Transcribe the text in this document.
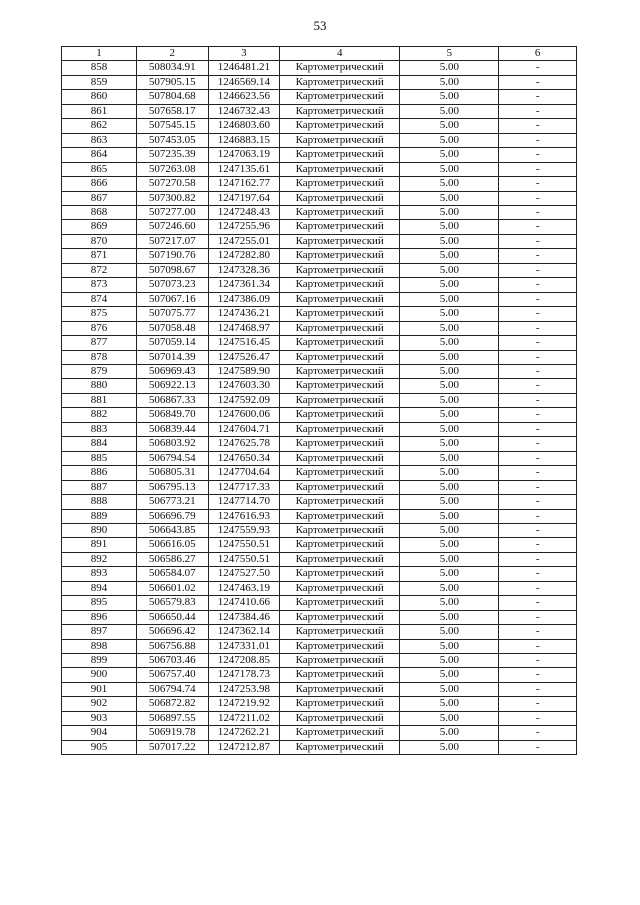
53
1	2	3	4	5	6
858	508034.91	1246481.21	Картометрический	5.00	-
859	507905.15	1246569.14	Картометрический	5.00	-
860	507804.68	1246623.56	Картометрический	5.00	-
861	507658.17	1246732.43	Картометрический	5.00	-
862	507545.15	1246803.60	Картометрический	5.00	-
863	507453.05	1246883.15	Картометрический	5.00	-
864	507235.39	1247063.19	Картометрический	5.00	-
865	507263.08	1247135.61	Картометрический	5.00	-
866	507270.58	1247162.77	Картометрический	5.00	-
867	507300.82	1247197.64	Картометрический	5.00	-
868	507277.00	1247248.43	Картометрический	5.00	-
869	507246.60	1247255.96	Картометрический	5.00	-
870	507217.07	1247255.01	Картометрический	5.00	-
871	507190.76	1247282.80	Картометрический	5.00	-
872	507098.67	1247328.36	Картометрический	5.00	-
873	507073.23	1247361.34	Картометрический	5.00	-
874	507067.16	1247386.09	Картометрический	5.00	-
875	507075.77	1247436.21	Картометрический	5.00	-
876	507058.48	1247468.97	Картометрический	5.00	-
877	507059.14	1247516.45	Картометрический	5.00	-
878	507014.39	1247526.47	Картометрический	5.00	-
879	506969.43	1247589.90	Картометрический	5.00	-
880	506922.13	1247603.30	Картометрический	5.00	-
881	506867.33	1247592.09	Картометрический	5.00	-
882	506849.70	1247600.06	Картометрический	5.00	-
883	506839.44	1247604.71	Картометрический	5.00	-
884	506803.92	1247625.78	Картометрический	5.00	-
885	506794.54	1247650.34	Картометрический	5.00	-
886	506805.31	1247704.64	Картометрический	5.00	-
887	506795.13	1247717.33	Картометрический	5.00	-
888	506773.21	1247714.70	Картометрический	5.00	-
889	506696.79	1247616.93	Картометрический	5.00	-
890	506643.85	1247559.93	Картометрический	5.00	-
891	506616.05	1247550.51	Картометрический	5.00	-
892	506586.27	1247550.51	Картометрический	5.00	-
893	506584.07	1247527.50	Картометрический	5.00	-
894	506601.02	1247463.19	Картометрический	5.00	-
895	506579.83	1247410.66	Картометрический	5.00	-
896	506650.44	1247384.46	Картометрический	5.00	-
897	506696.42	1247362.14	Картометрический	5.00	-
898	506756.88	1247331.01	Картометрический	5.00	-
899	506703.46	1247208.85	Картометрический	5.00	-
900	506757.40	1247178.73	Картометрический	5.00	-
901	506794.74	1247253.98	Картометрический	5.00	-
902	506872.82	1247219.92	Картометрический	5.00	-
903	506897.55	1247211.02	Картометрический	5.00	-
904	506919.78	1247262.21	Картометрический	5.00	-
905	507017.22	1247212.87	Картометрический	5.00	-
